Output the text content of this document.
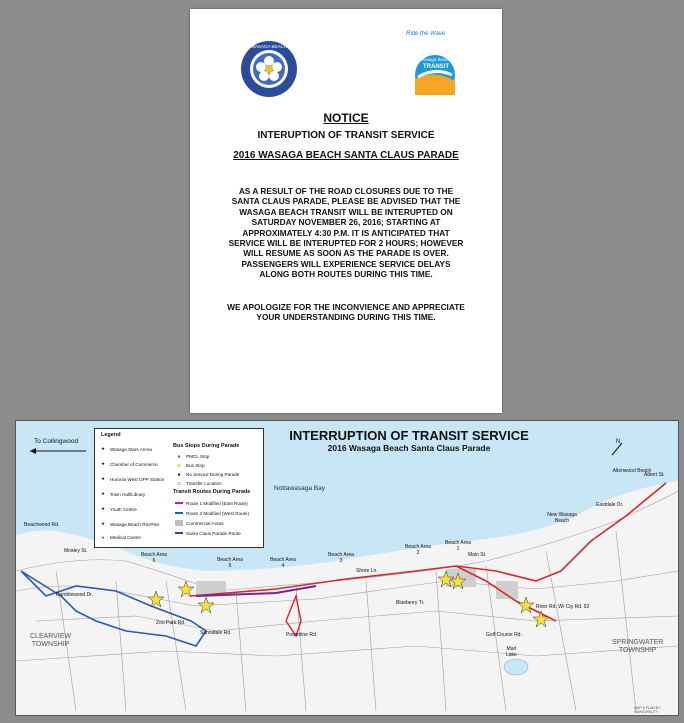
WASAGA BEACH
Ride the Wave
Wasaga Beach
TRANSIT
NOTICE
INTERUPTION OF TRANSIT SERVICE
2016 WASAGA BEACH SANTA CLAUS PARADE
AS A RESULT OF THE ROAD CLOSURES DUE TO THE
SANTA CLAUS PARADE, PLEASE BE ADVISED THAT THE
WASAGA BEACH TRANSIT WILL BE INTERUPTED ON
SATURDAY NOVEMBER 26, 2016; STARTING AT
APPROXIMATELY 4:30 P.M. IT IS ANTICIPATED THAT
SERVICE WILL BE INTERUPTED FOR 2 HOURS; HOWEVER
WILL RESUME AS SOON AS THE PARADE IS OVER.
PASSENGERS WILL EXPERIENCE SERVICE DELAYS
ALONG BOTH ROUTES DURING THIS TIME.
WE APOLOGIZE FOR THE INCONVIENCE AND APPRECIATE
YOUR UNDERSTANDING DURING THIS TIME.
To Collingwood	N
INTERRUPTION OF TRANSIT SERVICE
2016 Wasaga Beach Santa Claus Parade
Nottawasaga Bay
Legend
★	Wasaga Stars Arena
★	Chamber of Commerce
★	Huronia West OPP Station
★	Town Hall/Library
★	Youth Centre
★	Wasaga Beach RecPlex
●	Medical Centre
Bus Stops During Parade
■	PMCL Stop
■	Bus Stop
■	No Service During Parade
◘	Transfer Location
Transit Routes During Parade
Route 1 Modified (East Route)
Route 2 Modified (West Route)
Commercial Areas
Santa Claus Parade Route
Beach Area 6	Beach Area 5
Beach Area 4
Beach Area 3
Beach Area 2
Beach Area 1
New Wasaga Beach
Allenwood Beach
Mosley St.
Sunnidale Rd.
Ramblewood Dr.
River Rd. W/ Cty Rd. 92
Golf Course Rd.
Eastdale Dr.
Albert St.
Main St.
Blueberry Tr.
Powerline Rd.
Beachwood Rd.
Zoo Park Rd.
Shore Ln.
CLEARVIEW
TOWNSHIP	SPRINGWATER
TOWNSHIP
Marl
Lake
MAP & PLAN BY MUNICIPALITY
